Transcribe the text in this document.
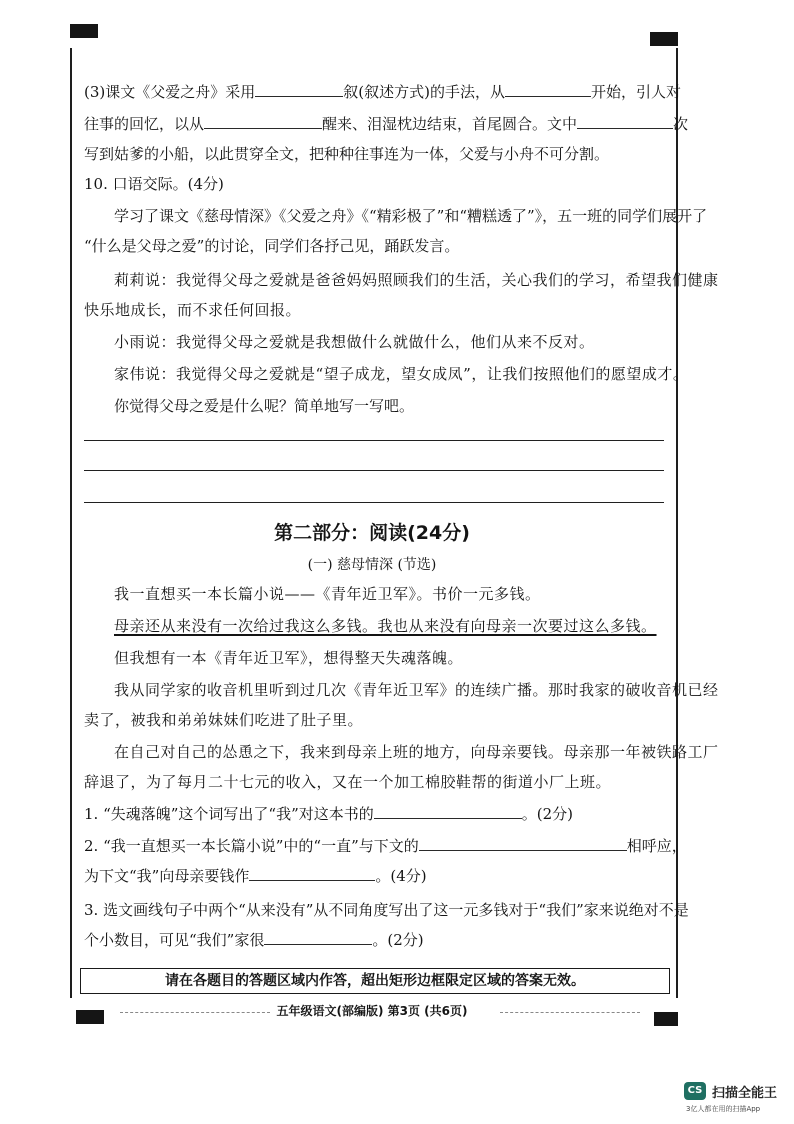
(3)课文《父爱之舟》采用	叙(叙述方式)的手法，从	开始，引人对
往事的回忆，以从	醒来、泪湿枕边结束，首尾圆合。文中	次
写到姑爹的小船，以此贯穿全文，把种种往事连为一体，父爱与小舟不可分割。
10. 口语交际。(4分)
学习了课文《慈母情深》《父爱之舟》《“精彩极了”和“糟糕透了”》，五一班的同学们展开了
“什么是父母之爱”的讨论，同学们各抒己见，踊跃发言。
莉莉说：我觉得父母之爱就是爸爸妈妈照顾我们的生活，关心我们的学习，希望我们健康
快乐地成长，而不求任何回报。
小雨说：我觉得父母之爱就是我想做什么就做什么，他们从来不反对。
家伟说：我觉得父母之爱就是“望子成龙，望女成凤”，让我们按照他们的愿望成才。
你觉得父母之爱是什么呢？简单地写一写吧。
第二部分：阅读(24分)
(一) 慈母情深 (节选)
我一直想买一本长篇小说——《青年近卫军》。书价一元多钱。
母亲还从来没有一次给过我这么多钱。我也从来没有向母亲一次要过这么多钱。
但我想有一本《青年近卫军》，想得整天失魂落魄。
我从同学家的收音机里听到过几次《青年近卫军》的连续广播。那时我家的破收音机已经
卖了，被我和弟弟妹妹们吃进了肚子里。
在自己对自己的怂恿之下，我来到母亲上班的地方，向母亲要钱。母亲那一年被铁路工厂
辞退了，为了每月二十七元的收入，又在一个加工棉胶鞋帮的街道小厂上班。
1. “失魂落魄”这个词写出了“我”对这本书的	。(2分)
2. “我一直想买一本长篇小说”中的“一直”与下文的	相呼应，
为下文“我”向母亲要钱作	。(4分)
3. 选文画线句子中两个“从来没有”从不同角度写出了这一元多钱对于“我们”家来说绝对不是
个小数目，可见“我们”家很	。(2分)
请在各题目的答题区域内作答，超出矩形边框限定区域的答案无效。
五年级语文(部编版) 第3页 (共6页)
CS 扫描全能王
3亿人都在用的扫描App
